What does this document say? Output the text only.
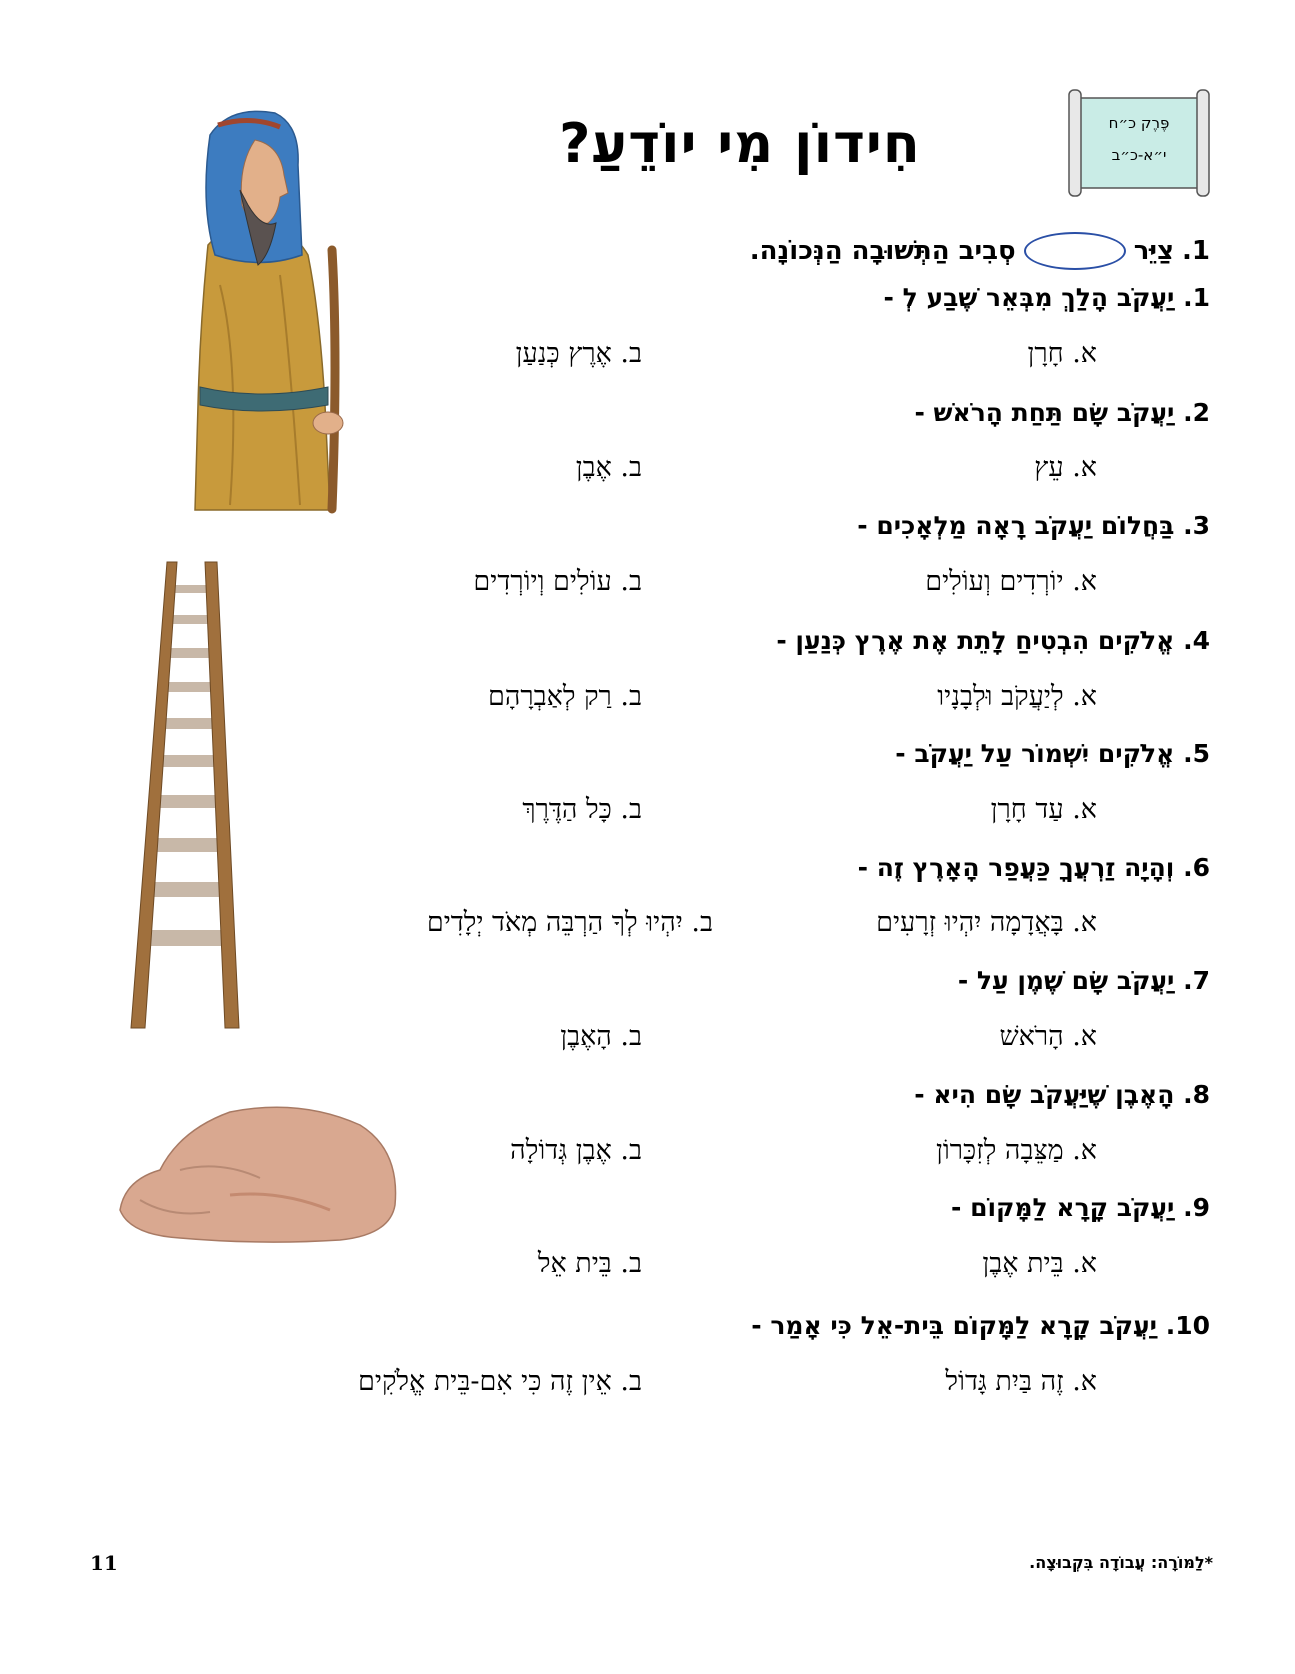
פֶּרֶק כ״ח
י״א-כ״ב
חִידוֹן מִי יוֹדֵעַ?
1.
צַיֵּר
סְבִיב הַתְּשׁוּבָה הַנְּכוֹנָה.
1. יַעֲקֹב הָלַךְ מִבְּאֵר שֶׁבַע לְ -
א. חָרָן
ב. אֶרֶץ כְּנַעַן
2. יַעֲקֹב שָׂם תַּחַת הָרֹאשׁ -
א. עֵץ
ב. אֶבֶן
3. בַּחֲלוֹם יַעֲקֹב רָאָה מַלְאָכִים -
א. יוֹרְדִים וְעוֹלִים
ב. עוֹלִים וְיוֹרְדִים
4. אֱלֹקִים הִבְטִיחַ לָתֵת אֶת אֶרֶץ כְּנַעַן -
א. לְיַעֲקֹב וּלְבָנָיו
ב. רַק לְאַבְרָהָם
5. אֱלֹקִים יִשְׁמוֹר עַל יַעֲקֹב -
א. עַד חָרָן
ב. כָּל הַדֶּרֶךְ
6. וְהָיָה זַרְעֲךָ כַּעֲפַר הָאָרֶץ זֶה -
א. בָּאֲדָמָה יִהְיוּ זְרָעִים
ב. יִהְיוּ לְךָ הַרְבֵּה מְאֹד יְלָדִים
7. יַעֲקֹב שָׂם שֶׁמֶן עַל -
א. הָרֹאשׁ
ב. הָאֶבֶן
8. הָאֶבֶן שֶׁיַּעֲקֹב שָׂם הִיא -
א. מַצֵּבָה לְזִכָּרוֹן
ב. אֶבֶן גְּדוֹלָה
9. יַעֲקֹב קָרָא לַמָּקוֹם -
א. בֵּית אֶבֶן
ב. בֵּית אֵל
10. יַעֲקֹב קָרָא לַמָּקוֹם בֵּית-אֵל כִּי אָמַר -
א. זֶה בַּיִת גָּדוֹל
ב. אֵין זֶה כִּי אִם-בֵּית אֱלֹקִים
*לַמּוֹרָה: עֲבוֹדָה בִּקְבוּצָה.
11
